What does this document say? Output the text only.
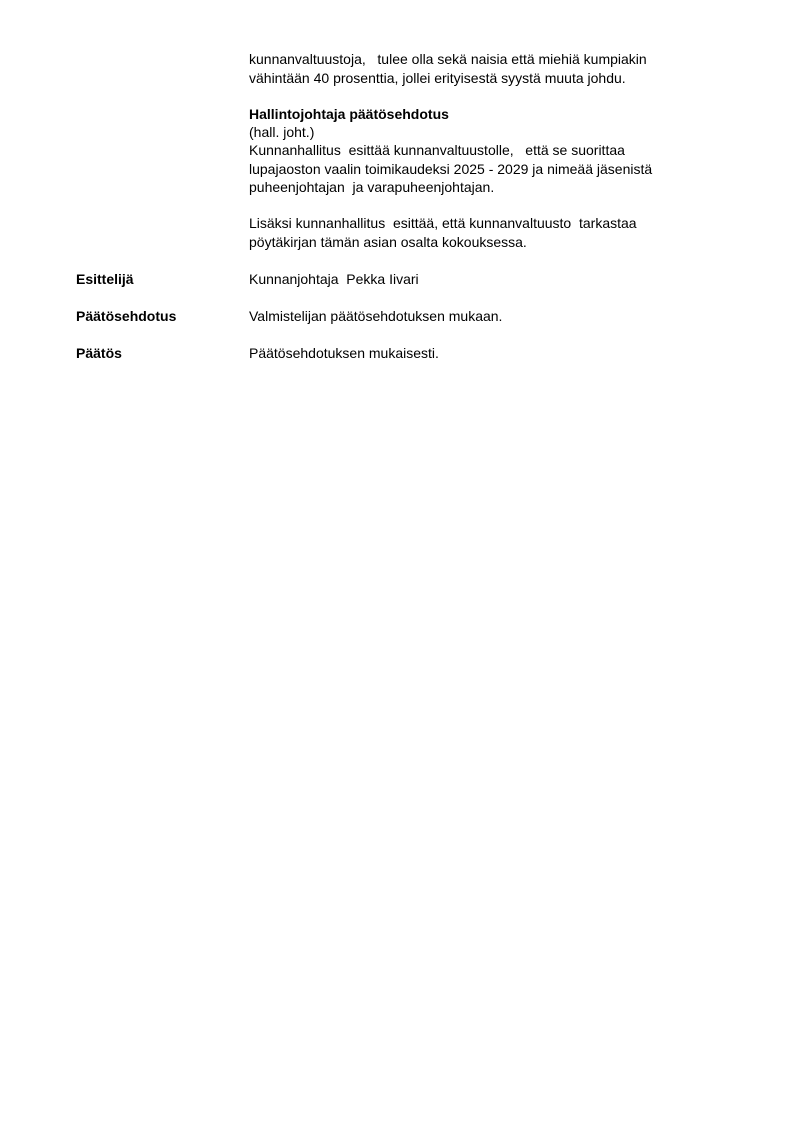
kunnanvaltuustoja,   tulee olla sekä naisia että miehiä kumpiakin
vähintään 40 prosenttia, jollei erityisestä syystä muuta johdu.
Hallintojohtaja päätösehdotus
(hall. joht.)
Kunnanhallitus  esittää kunnanvaltuustolle,   että se suorittaa
lupajaoston vaalin toimikaudeksi 2025 - 2029 ja nimeää jäsenistä
puheenjohtajan  ja varapuheenjohtajan.
Lisäksi kunnanhallitus  esittää, että kunnanvaltuusto  tarkastaa
pöytäkirjan tämän asian osalta kokouksessa.
Esittelijä	Kunnanjohtaja  Pekka Iivari
Päätösehdotus	Valmistelijan päätösehdotuksen mukaan.
Päätös	Päätösehdotuksen mukaisesti.
